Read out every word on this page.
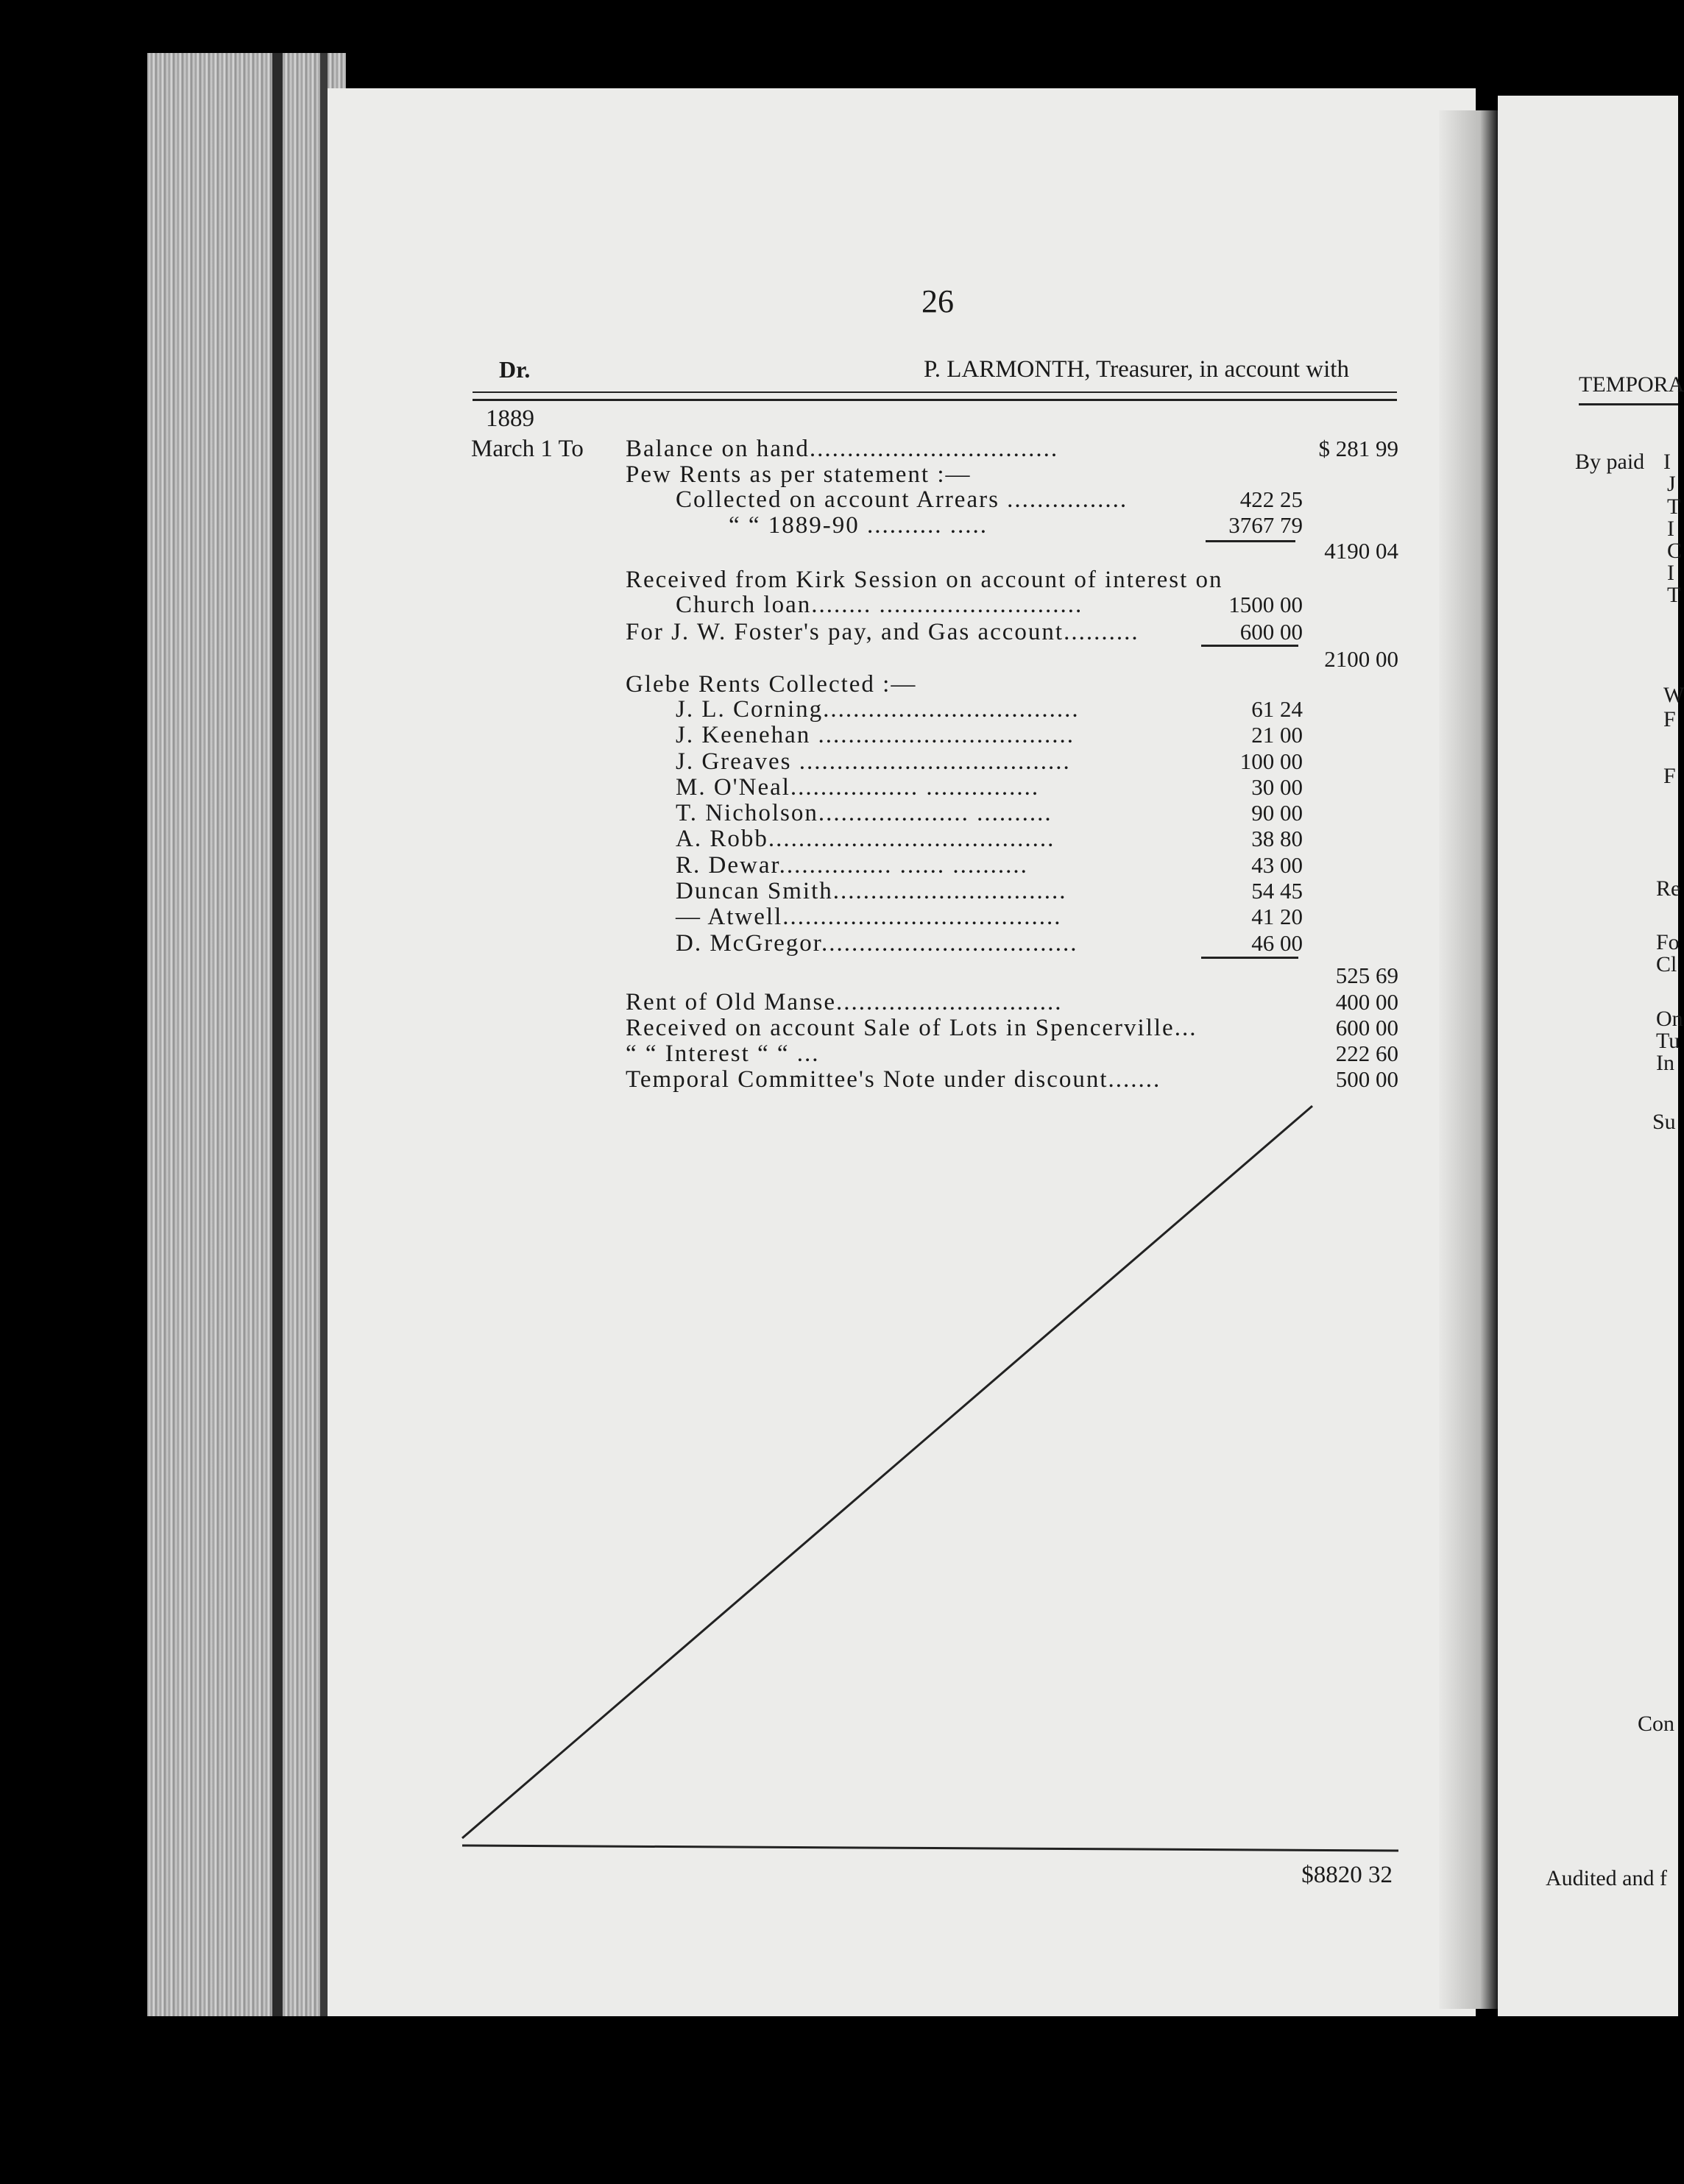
TEMPORA
By paid I
J
T
I
C
I
T
W
F
F
Re
Fo
Cl
On
Tu
In
Su
Con
Audited and f
26
Dr.	P. LARMONTH, Treasurer, in account with
1889
March 1 To Balance on hand.................................	$ 281 99
Pew Rents as per statement :—
Collected on account Arrears ................	422 25
“ “ 1889-90 .......... .....	3767 79
4190 04
Received from Kirk Session on account of interest on
Church loan........ ...........................	1500 00
For J. W. Foster's pay, and Gas account..........	600 00
2100 00
Glebe Rents Collected :—
J. L. Corning..................................	61 24
J. Keenehan ..................................	21 00
J. Greaves ....................................	100 00
M. O'Neal................. ...............	30 00
T. Nicholson.................... ..........	90 00
A. Robb......................................	38 80
R. Dewar............... ...... ..........	43 00
Duncan Smith...............................	54 45
— Atwell.....................................	41 20
D. McGregor..................................	46 00
525 69
Rent of Old Manse..............................	400 00
Received on account Sale of Lots in Spencerville...	600 00
“ “ Interest “ “ ...	222 60
Temporal Committee's Note under discount.......	500 00
$8820 32
